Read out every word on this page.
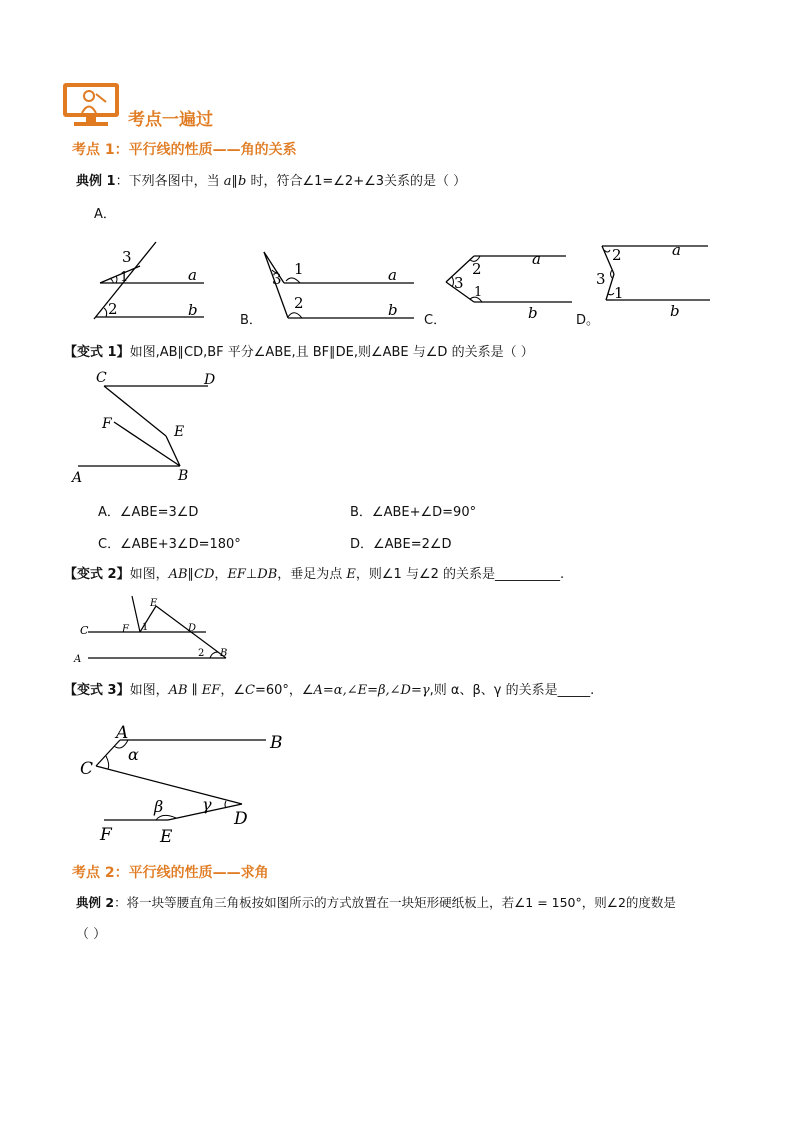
考点一遍过
考点 1：平行线的性质——角的关系
典例 1：下列各图中，当 a∥b 时，符合∠1=∠2+∠3关系的是（ ）
A．
3
1
2
a
b
B．
3
1
2
a
b
C．
2
3
1
a
b	D。
2
3
1
a
b
【变式 1】如图,AB∥CD,BF 平分∠ABE,且 BF∥DE,则∠ABE 与∠D 的关系是（ ）
C	D
F	E
A	B
A．∠ABE=3∠D	B．∠ABE+∠D=90°
C．∠ABE+3∠D=180°	D．∠ABE=2∠D
【变式 2】如图，AB∥CD，EF⊥DB，垂足为点 E，则∠1 与∠2 的关系是__________.
E
C	F 1	D
A
2 B
【变式 3】如图，AB ∥ EF，∠C=60°，∠A=α,∠E=β,∠D=γ,则 α、β、γ 的关系是_____.
A	B
α
C
β γ
D
F	E
考点 2：平行线的性质——求角
典例 2：将一块等腰直角三角板按如图所示的方式放置在一块矩形硬纸板上，若∠1 = 150°，则∠2的度数是
（ ）
